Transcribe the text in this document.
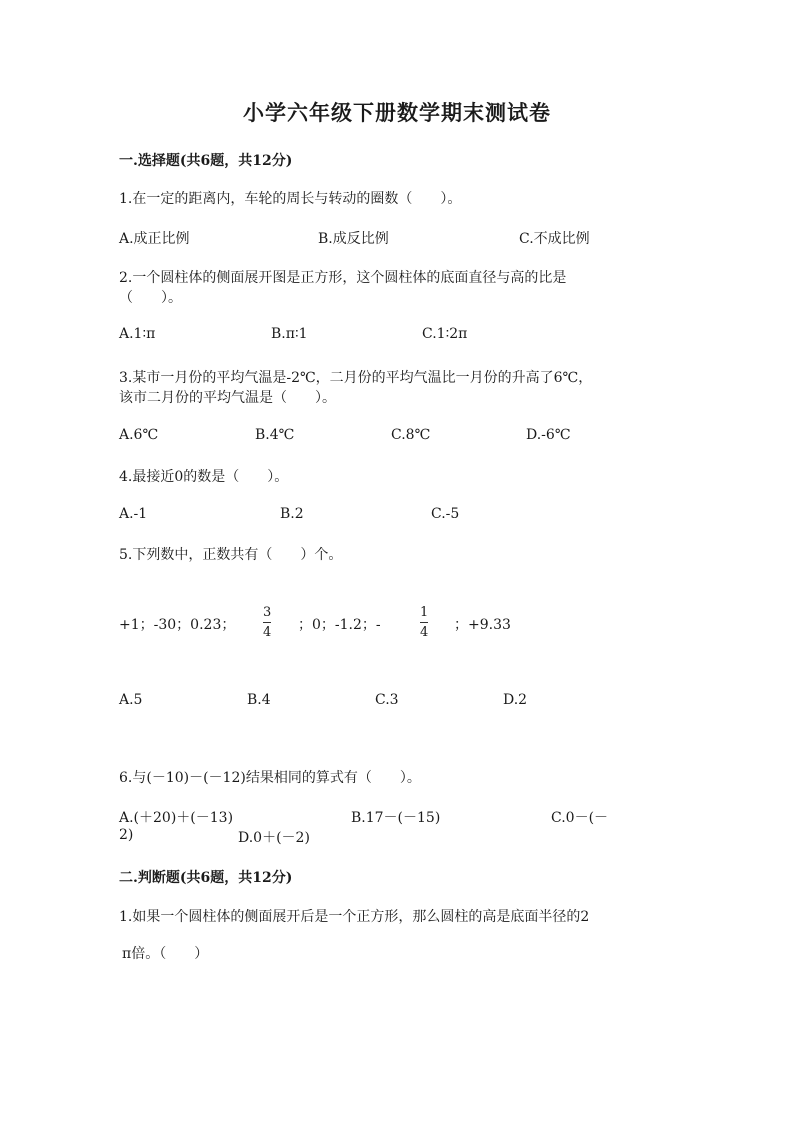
小学六年级下册数学期末测试卷
一.选择题(共6题，共12分)
1.在一定的距离内，车轮的周长与转动的圈数（　　）。
A.成正比例	B.成反比例	C.不成比例
2.一个圆柱体的侧面展开图是正方形，这个圆柱体的底面直径与高的比是
（　　）。
A.1∶π	B.π∶1	C.1∶2π
3.某市一月份的平均气温是-2℃，二月份的平均气温比一月份的升高了6℃，
该市二月份的平均气温是（　　）。
A.6℃	B.4℃	C.8℃	D.-6℃
4.最接近0的数是（　　）。
A.-1	B.2	C.-5
5.下列数中，正数共有（　　）个。
+1；-30；0.23；
3
4 ；0；-1.2；-
1
4 ；+9.33
A.5	B.4	C.3	D.2
6.与(－10)－(－12)结果相同的算式有（　　）。
A.(＋20)＋(－13)	B.17－(－15)	C.0－(－
2)	D.0＋(－2)
二.判断题(共6题，共12分)
1.如果一个圆柱体的侧面展开后是一个正方形，那么圆柱的高是底面半径的2
π倍。（　　）
